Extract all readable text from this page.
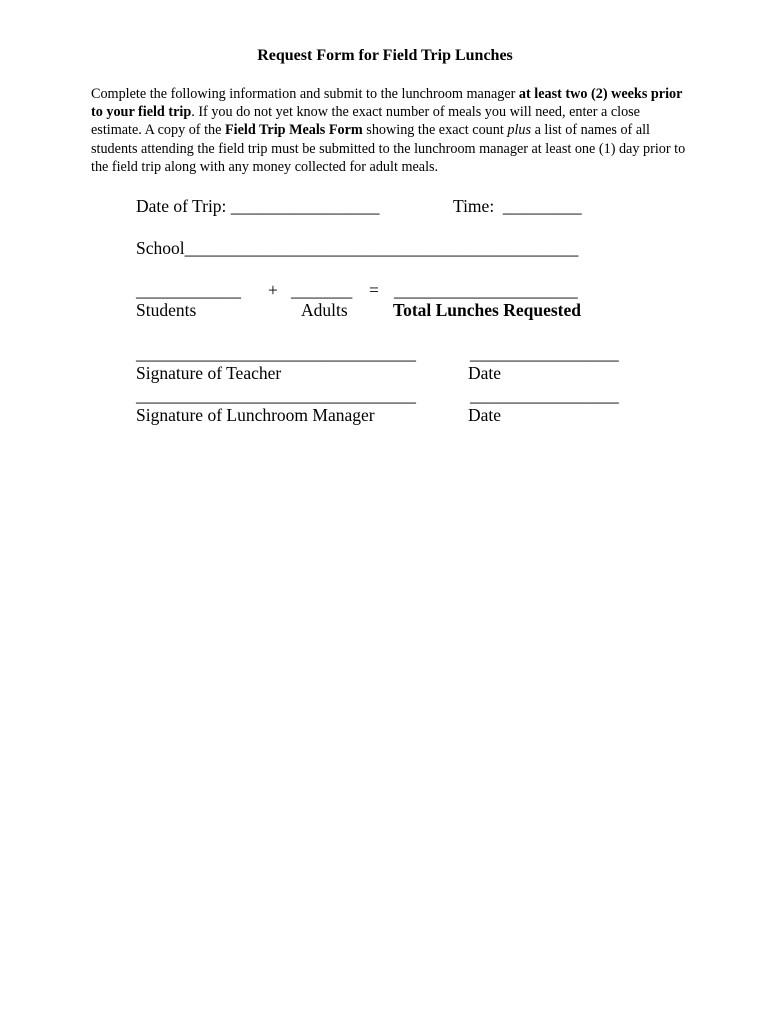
Request Form for Field Trip Lunches
Complete the following information and submit to the lunchroom manager at least two (2) weeks prior to your field trip. If you do not yet know the exact number of meals you will need, enter a close estimate. A copy of the Field Trip Meals Form showing the exact count plus a list of names of all students attending the field trip must be submitted to the lunchroom manager at least one (1) day prior to the field trip along with any money collected for adult meals.
Date of Trip: _________________	Time:  _________
School_____________________________________________
____________ + _______ = _____________________
Students	Adults	Total Lunches Requested
________________________________	_________________
Signature of Teacher	Date
________________________________	_________________
Signature of Lunchroom Manager	Date
